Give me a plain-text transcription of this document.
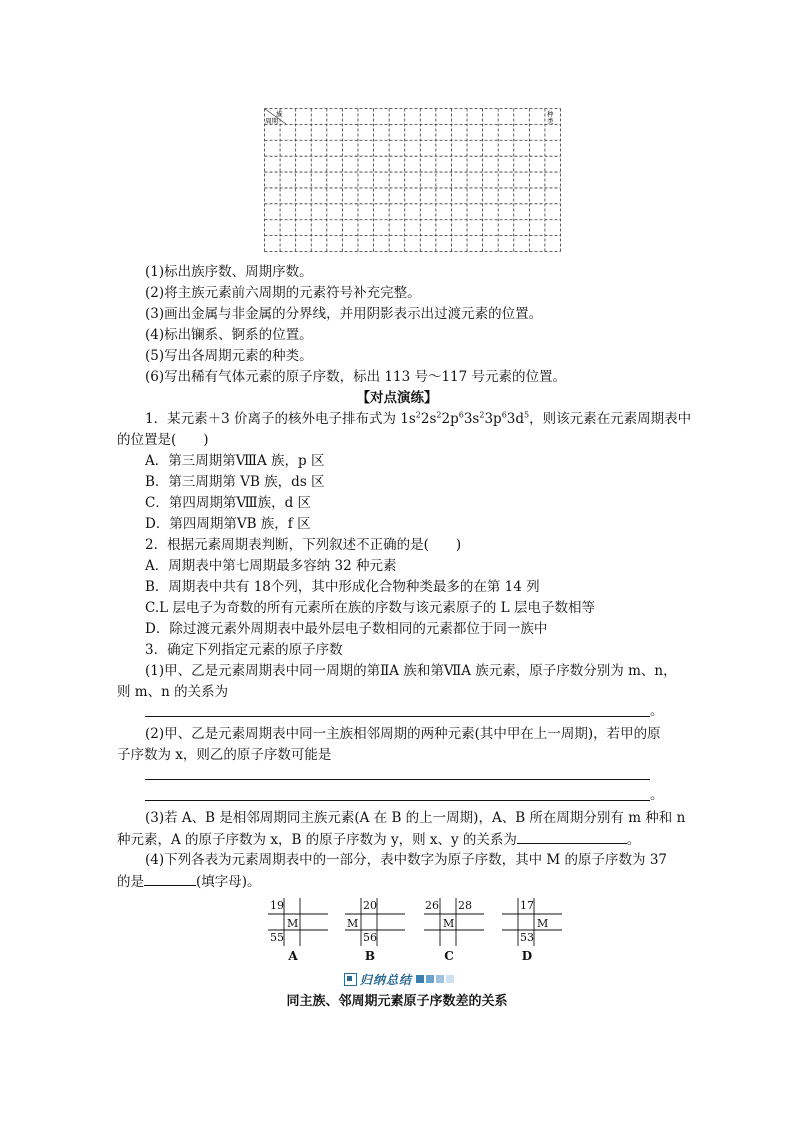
族
周期
种
类
(1)标出族序数、周期序数。
(2)将主族元素前六周期的元素符号补充完整。
(3)画出金属与非金属的分界线，并用阴影表示出过渡元素的位置。
(4)标出镧系、锕系的位置。
(5)写出各周期元素的种类。
(6)写出稀有气体元素的原子序数，标出 113 号～117 号元素的位置。
【对点演练】
1．某元素＋3 价离子的核外电子排布式为 $1s^22s^22p^63s^23p^63d^5$，则该元素在元素周期表中
的位置是(　　)
A．第三周期第ⅧA 族，p 区
B．第三周期第 VB 族，ds 区
C．第四周期第Ⅷ族，d 区
D．第四周期第ⅤB 族，f 区
2．根据元素周期表判断，下列叙述不正确的是(　　)
A．周期表中第七周期最多容纳 32 种元素
B．周期表中共有 18个列，其中形成化合物种类最多的在第 14 列
C.L 层电子为奇数的所有元素所在族的序数与该元素原子的 L 层电子数相等
D．除过渡元素外周期表中最外层电子数相同的元素都位于同一族中
3．确定下列指定元素的原子序数
(1)甲、乙是元素周期表中同一周期的第ⅡA 族和第ⅦA 族元素，原子序数分别为 m、n，
则 m、n 的关系为
。
(2)甲、乙是元素周期表中同一主族相邻周期的两种元素(其中甲在上一周期)，若甲的原
子序数为 x，则乙的原子序数可能是
。
(3)若 A、B 是相邻周期同主族元素(A 在 B 的上一周期)，A、B 所在周期分别有 m 种和 n
种元素，A 的原子序数为 x，B 的原子序数为 y，则 x、y 的关系为	。
(4)下列各表为元素周期表中的一部分，表中数字为原子序数，其中 M 的原子序数为 37
的是	(填字母)。
19
M
55
A
20
M
56
B
26
M
28
C
17
M
53
D
归纳总结
同主族、邻周期元素原子序数差的关系
